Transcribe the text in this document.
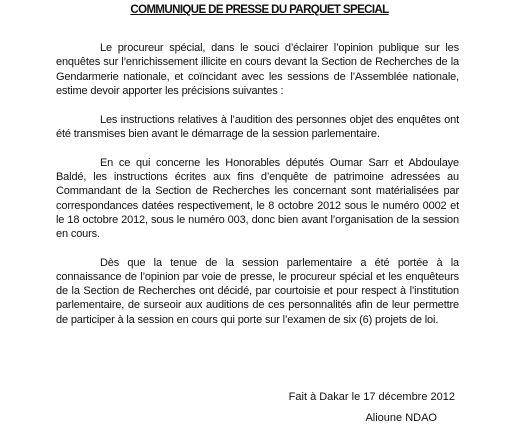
COMMUNIQUE DE PRESSE DU PARQUET SPECIAL

Le procureur spécial, dans le souci d’éclairer l’opinion publique sur les enquêtes sur l’enrichissement illicite en cours devant la Section de Recherches de la Gendarmerie nationale, et coïncidant avec les sessions de l’Assemblée nationale, estime devoir apporter les précisions suivantes :

Les instructions relatives à l’audition des personnes objet des enquêtes ont été transmises bien avant le démarrage de la session parlementaire.

En ce qui concerne les Honorables députés Oumar Sarr et Abdoulaye Baldé, les instructions écrites aux fins d’enquête de patrimoine adressées au Commandant de la Section de Recherches les concernant sont matérialisées par correspondances datées respectivement, le 8 octobre 2012 sous le numéro 0002 et le 18 octobre 2012, sous le numéro 003, donc bien avant l’organisation de la session en cours.

Dès que la tenue de la session parlementaire a été portée à la connaissance de l’opinion par voie de presse, le procureur spécial et les enquêteurs de la Section de Recherches ont décidé, par courtoisie et pour respect à l’institution parlementaire, de surseoir aux auditions de ces personnalités afin de leur permettre de participer à la session en cours qui porte sur l’examen de six (6) projets de loi.

Fait à Dakar le 17 décembre 2012
Alioune NDAO
